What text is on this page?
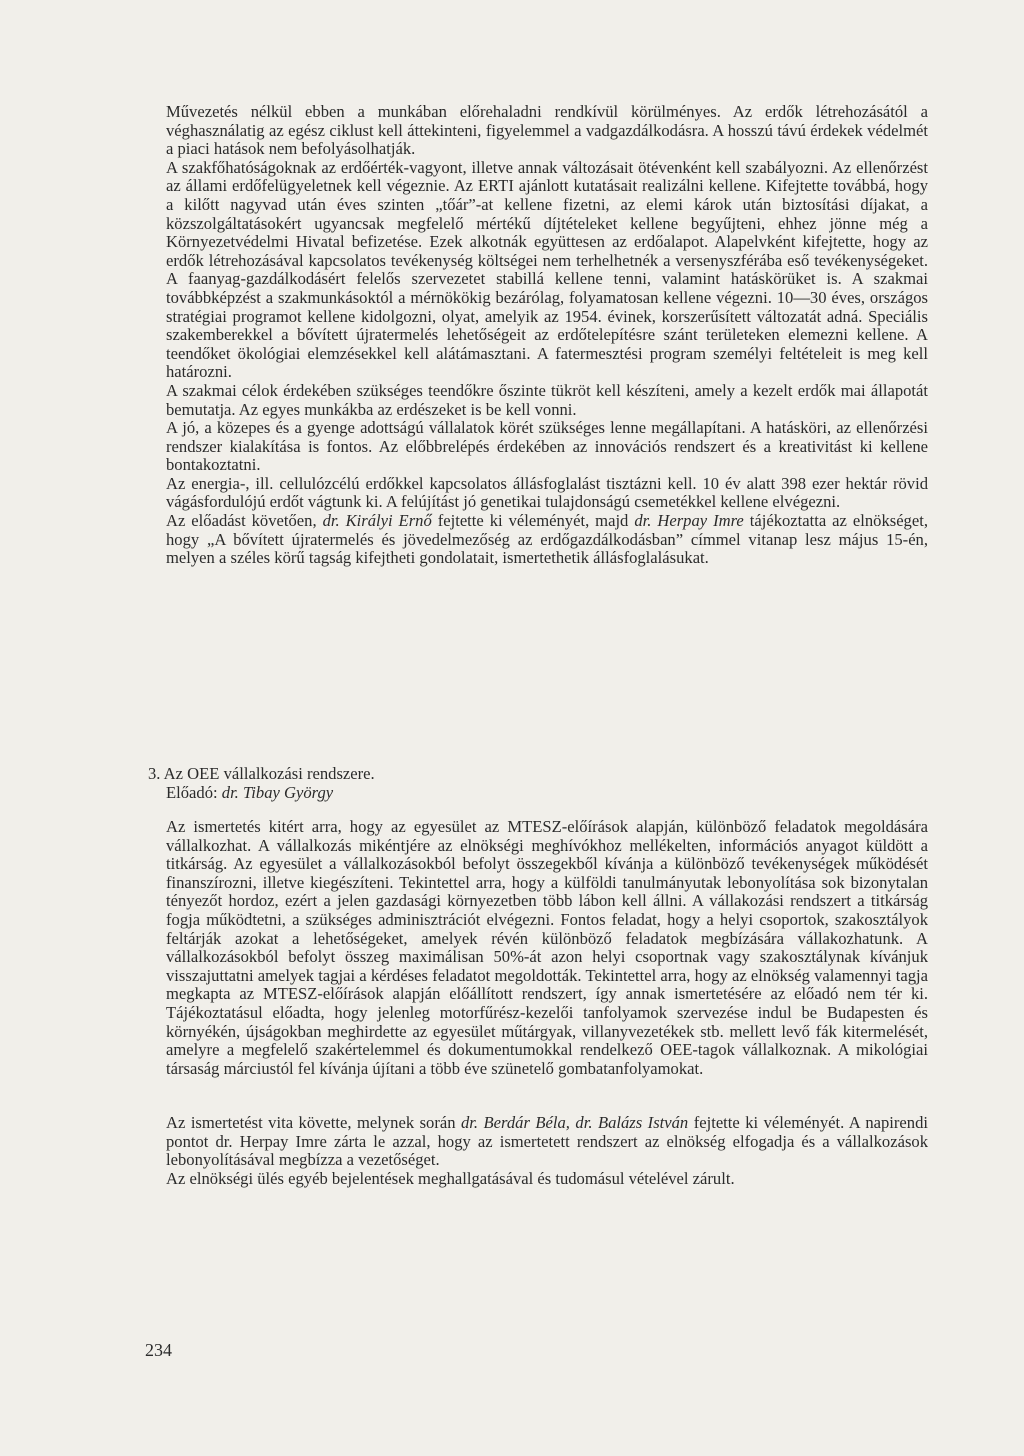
Művezetés nélkül ebben a munkában előrehaladni rendkívül körülményes. Az erdők létrehozásától a véghasználatig az egész ciklust kell áttekinteni, figyelemmel a vadgazdálkodásra. A hosszú távú érdekek védelmét a piaci hatások nem befolyásolhatják.

A szakfőhatóságoknak az erdőérték-vagyont, illetve annak változásait ötévenként kell szabályozni. Az ellenőrzést az állami erdőfelügyeletnek kell végeznie. Az ERTI ajánlott kutatásait realizálni kellene. Kifejtette továbbá, hogy a kilőtt nagyvad után éves szinten „tőár”-at kellene fizetni, az elemi károk után biztosítási díjakat, a közszolgáltatásokért ugyancsak megfelelő mértékű díjtételeket kellene begyűjteni, ehhez jönne még a Környezetvédelmi Hivatal befizetése. Ezek alkotnák együttesen az erdőalapot. Alapelvként kifejtette, hogy az erdők létrehozásával kapcsolatos tevékenység költségei nem terhelhetnék a versenyszférába eső tevékenységeket. A faanyag-gazdálkodásért felelős szervezetet stabillá kellene tenni, valamint hatáskörüket is. A szakmai továbbképzést a szakmunkásoktól a mérnökökig bezárólag, folyamatosan kellene végezni. 10—30 éves, országos stratégiai programot kellene kidolgozni, olyat, amelyik az 1954. évinek, korszerűsített változatát adná. Speciális szakemberekkel a bővített újratermelés lehetőségeit az erdőtelepítésre szánt területeken elemezni kellene. A teendőket ökológiai elemzésekkel kell alátámasztani. A fatermesztési program személyi feltételeit is meg kell határozni.

A szakmai célok érdekében szükséges teendőkre őszinte tükröt kell készíteni, amely a kezelt erdők mai állapotát bemutatja. Az egyes munkákba az erdészeket is be kell vonni.

A jó, a közepes és a gyenge adottságú vállalatok körét szükséges lenne megállapítani. A hatásköri, az ellenőrzési rendszer kialakítása is fontos. Az előbbrelépés érdekében az innovációs rendszert és a kreativitást ki kellene bontakoztatni.

Az energia-, ill. cellulózcélú erdőkkel kapcsolatos állásfoglalást tisztázni kell. 10 év alatt 398 ezer hektár rövid vágásfordulójú erdőt vágtunk ki. A felújítást jó genetikai tulajdonságú csemetékkel kellene elvégezni.

Az előadást követően, dr. Királyi Ernő fejtette ki véleményét, majd dr. Herpay Imre tájékoztatta az elnökséget, hogy „A bővített újratermelés és jövedelmezőség az erdőgazdálkodásban” címmel vitanap lesz május 15-én, melyen a széles körű tagság kifejtheti gondolatait, ismertethetik állásfoglalásukat.

3. Az OEE vállalkozási rendszere.
Előadó: dr. Tibay György

Az ismertetés kitért arra, hogy az egyesület az MTESZ-előírások alapján, különböző feladatok megoldására vállalkozhat. A vállalkozás mikéntjére az elnökségi meghívókhoz mellékelten, információs anyagot küldött a titkárság. Az egyesület a vállalkozásokból befolyt összegekből kívánja a különböző tevékenységek működését finanszírozni, illetve kiegészíteni. Tekintettel arra, hogy a külföldi tanulmányutak lebonyolítása sok bizonytalan tényezőt hordoz, ezért a jelen gazdasági környezetben több lábon kell állni. A vállakozási rendszert a titkárság fogja működtetni, a szükséges adminisztrációt elvégezni. Fontos feladat, hogy a helyi csoportok, szakosztályok feltárják azokat a lehetőségeket, amelyek révén különböző feladatok megbízására vállakozhatunk. A vállalkozásokból befolyt összeg maximálisan 50%-át azon helyi csoportnak vagy szakosztálynak kívánjuk visszajuttatni amelyek tagjai a kérdéses feladatot megoldották. Tekintettel arra, hogy az elnökség valamennyi tagja megkapta az MTESZ-előírások alapján előállított rendszert, így annak ismertetésére az előadó nem tér ki. Tájékoztatásul előadta, hogy jelenleg motorfűrész-kezelői tanfolyamok szervezése indul be Budapesten és környékén, újságokban meghirdette az egyesület műtárgyak, villanyvezetékek stb. mellett levő fák kitermelését, amelyre a megfelelő szakértelemmel és dokumentumokkal rendelkező OEE-tagok vállalkoznak. A mikológiai társaság márciustól fel kívánja újítani a több éve szünetelő gombatanfolyamokat.

Az ismertetést vita követte, melynek során dr. Berdár Béla, dr. Balázs István fejtette ki véleményét. A napirendi pontot dr. Herpay Imre zárta le azzal, hogy az ismertetett rendszert az elnökség elfogadja és a vállalkozások lebonyolításával megbízza a vezetőséget.

Az elnökségi ülés egyéb bejelentések meghallgatásával és tudomásul vételével zárult.

234
